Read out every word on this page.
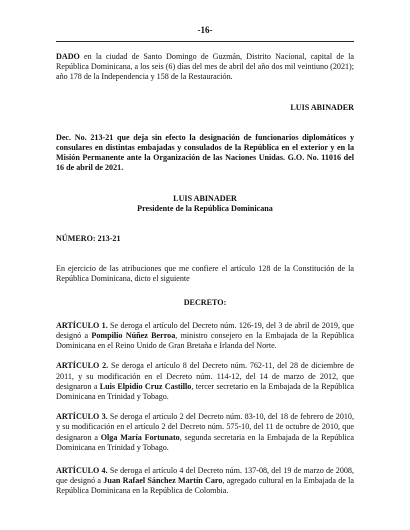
-16-

DADO en la ciudad de Santo Domingo de Guzmán, Distrito Nacional, capital de la República Dominicana, a los seis (6) días del mes de abril del año dos mil veintiuno (2021); año 178 de la Independencia y 158 de la Restauración.

LUIS ABINADER

Dec. No. 213-21 que deja sin efecto la designación de funcionarios diplomáticos y consulares en distintas embajadas y consulados de la República en el exterior y en la Misión Permanente ante la Organización de las Naciones Unidas. G.O. No. 11016 del 16 de abril de 2021.

LUIS ABINADER

Presidente de la República Dominicana

NÚMERO: 213-21

En ejercicio de las atribuciones que me confiere el artículo 128 de la Constitución de la República Dominicana, dicto el siguiente

DECRETO:

ARTÍCULO 1. Se deroga el artículo del Decreto núm. 126-19, del 3 de abril de 2019, que designó a Pompilio Núñez Berroa, ministro consejero en la Embajada de la República Dominicana en el Reino Unido de Gran Bretaña e Irlanda del Norte.

ARTÍCULO 2. Se deroga el artículo 8 del Decreto núm. 762-11, del 28 de diciembre de 2011, y su modificación en el Decreto núm. 114-12, del 14 de marzo de 2012, que designaron a Luis Elpidio Cruz Castillo, tercer secretario en la Embajada de la República Dominicana en Trinidad y Tobago.

ARTÍCULO 3. Se deroga el artículo 2 del Decreto núm. 83-10, del 18 de febrero de 2010, y su modificación en el artículo 2 del Decreto núm. 575-10, del 11 de octubre de 2010, que designaron a Olga María Fortunato, segunda secretaria en la Embajada de la República Dominicana en Trinidad y Tobago.

ARTÍCULO 4. Se deroga el artículo 4 del Decreto núm. 137-08, del 19 de marzo de 2008, que designó a Juan Rafael Sánchez Martín Caro, agregado cultural en la Embajada de la República Dominicana en la República de Colombia.
